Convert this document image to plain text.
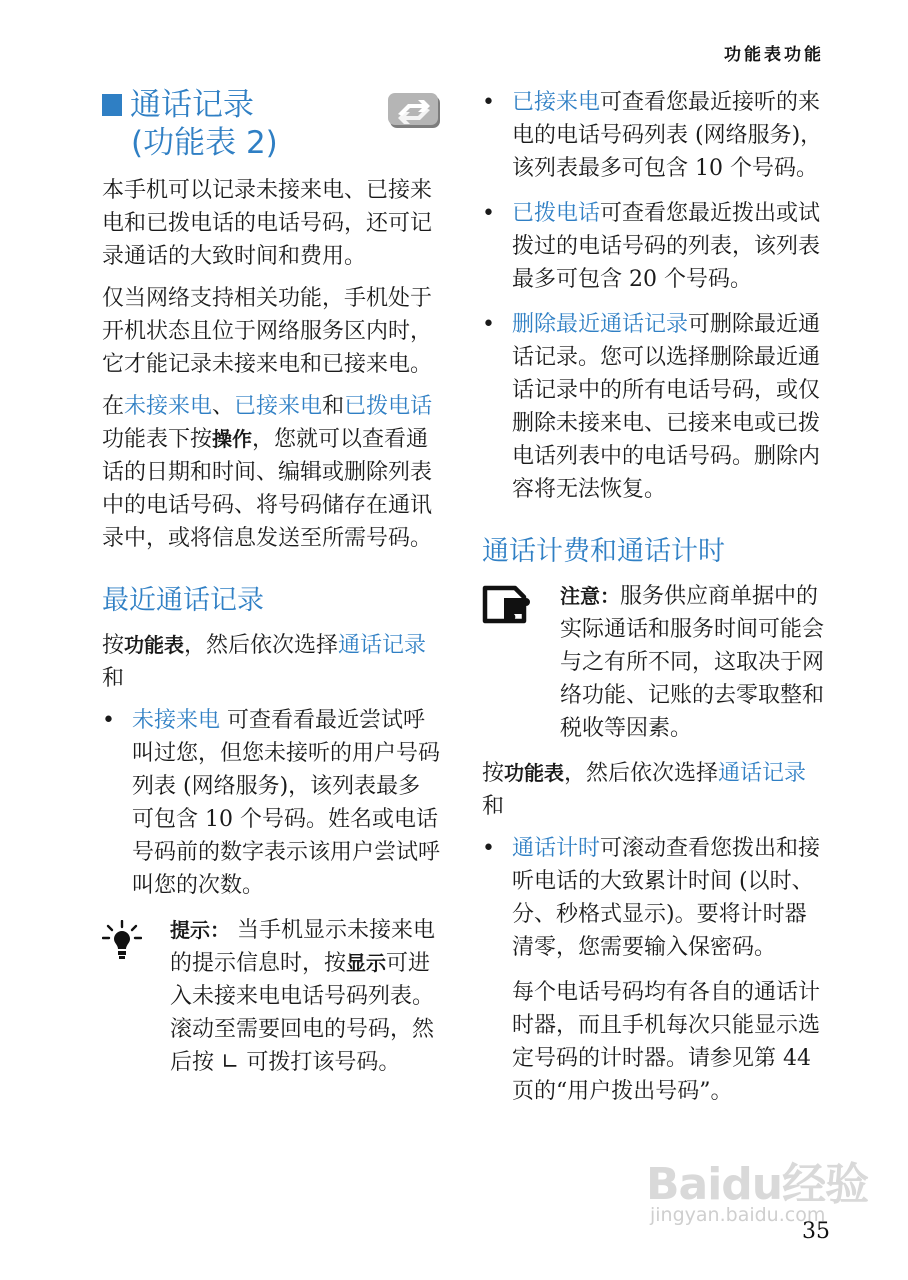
功能表功能
通话记录
(功能表 2)

本手机可以记录未接来电、已接来电和已拨电话的电话号码，还可记录通话的大致时间和费用。

仅当网络支持相关功能，手机处于开机状态且位于网络服务区内时，它才能记录未接来电和已接来电。

在未接来电、已接来电和已拨电话功能表下按操作，您就可以查看通话的日期和时间、编辑或删除列表中的电话号码、将号码储存在通讯录中，或将信息发送至所需号码。

最近通话记录

按功能表，然后依次选择通话记录和

• 未接来电 可查看看最近尝试呼叫过您，但您未接听的用户号码列表 (网络服务)，该列表最多可包含 10 个号码。姓名或电话号码前的数字表示该用户尝试呼叫您的次数。

提示： 当手机显示未接来电的提示信息时，按显示可进入未接来电电话号码列表。滚动至需要回电的号码，然后按 ∟ 可拨打该号码。

• 已接来电可查看您最近接听的来电的电话号码列表 (网络服务)，该列表最多可包含 10 个号码。

• 已拨电话可查看您最近拨出或试拨过的电话号码的列表，该列表最多可包含 20 个号码。

• 删除最近通话记录可删除最近通话记录。您可以选择删除最近通话记录中的所有电话号码，或仅删除未接来电、已接来电或已拨电话列表中的电话号码。删除内容将无法恢复。

通话计费和通话计时

注意：服务供应商单据中的实际通话和服务时间可能会与之有所不同，这取决于网络功能、记账的去零取整和税收等因素。

按功能表，然后依次选择通话记录和

• 通话计时可滚动查看您拨出和接听电话的大致累计时间 (以时、分、秒格式显示)。要将计时器清零，您需要输入保密码。

每个电话号码均有各自的通话计时器，而且手机每次只能显示选定号码的计时器。请参见第 44 页的“用户拨出号码”。

Baidu经验
jingyan.baidu.com
35
